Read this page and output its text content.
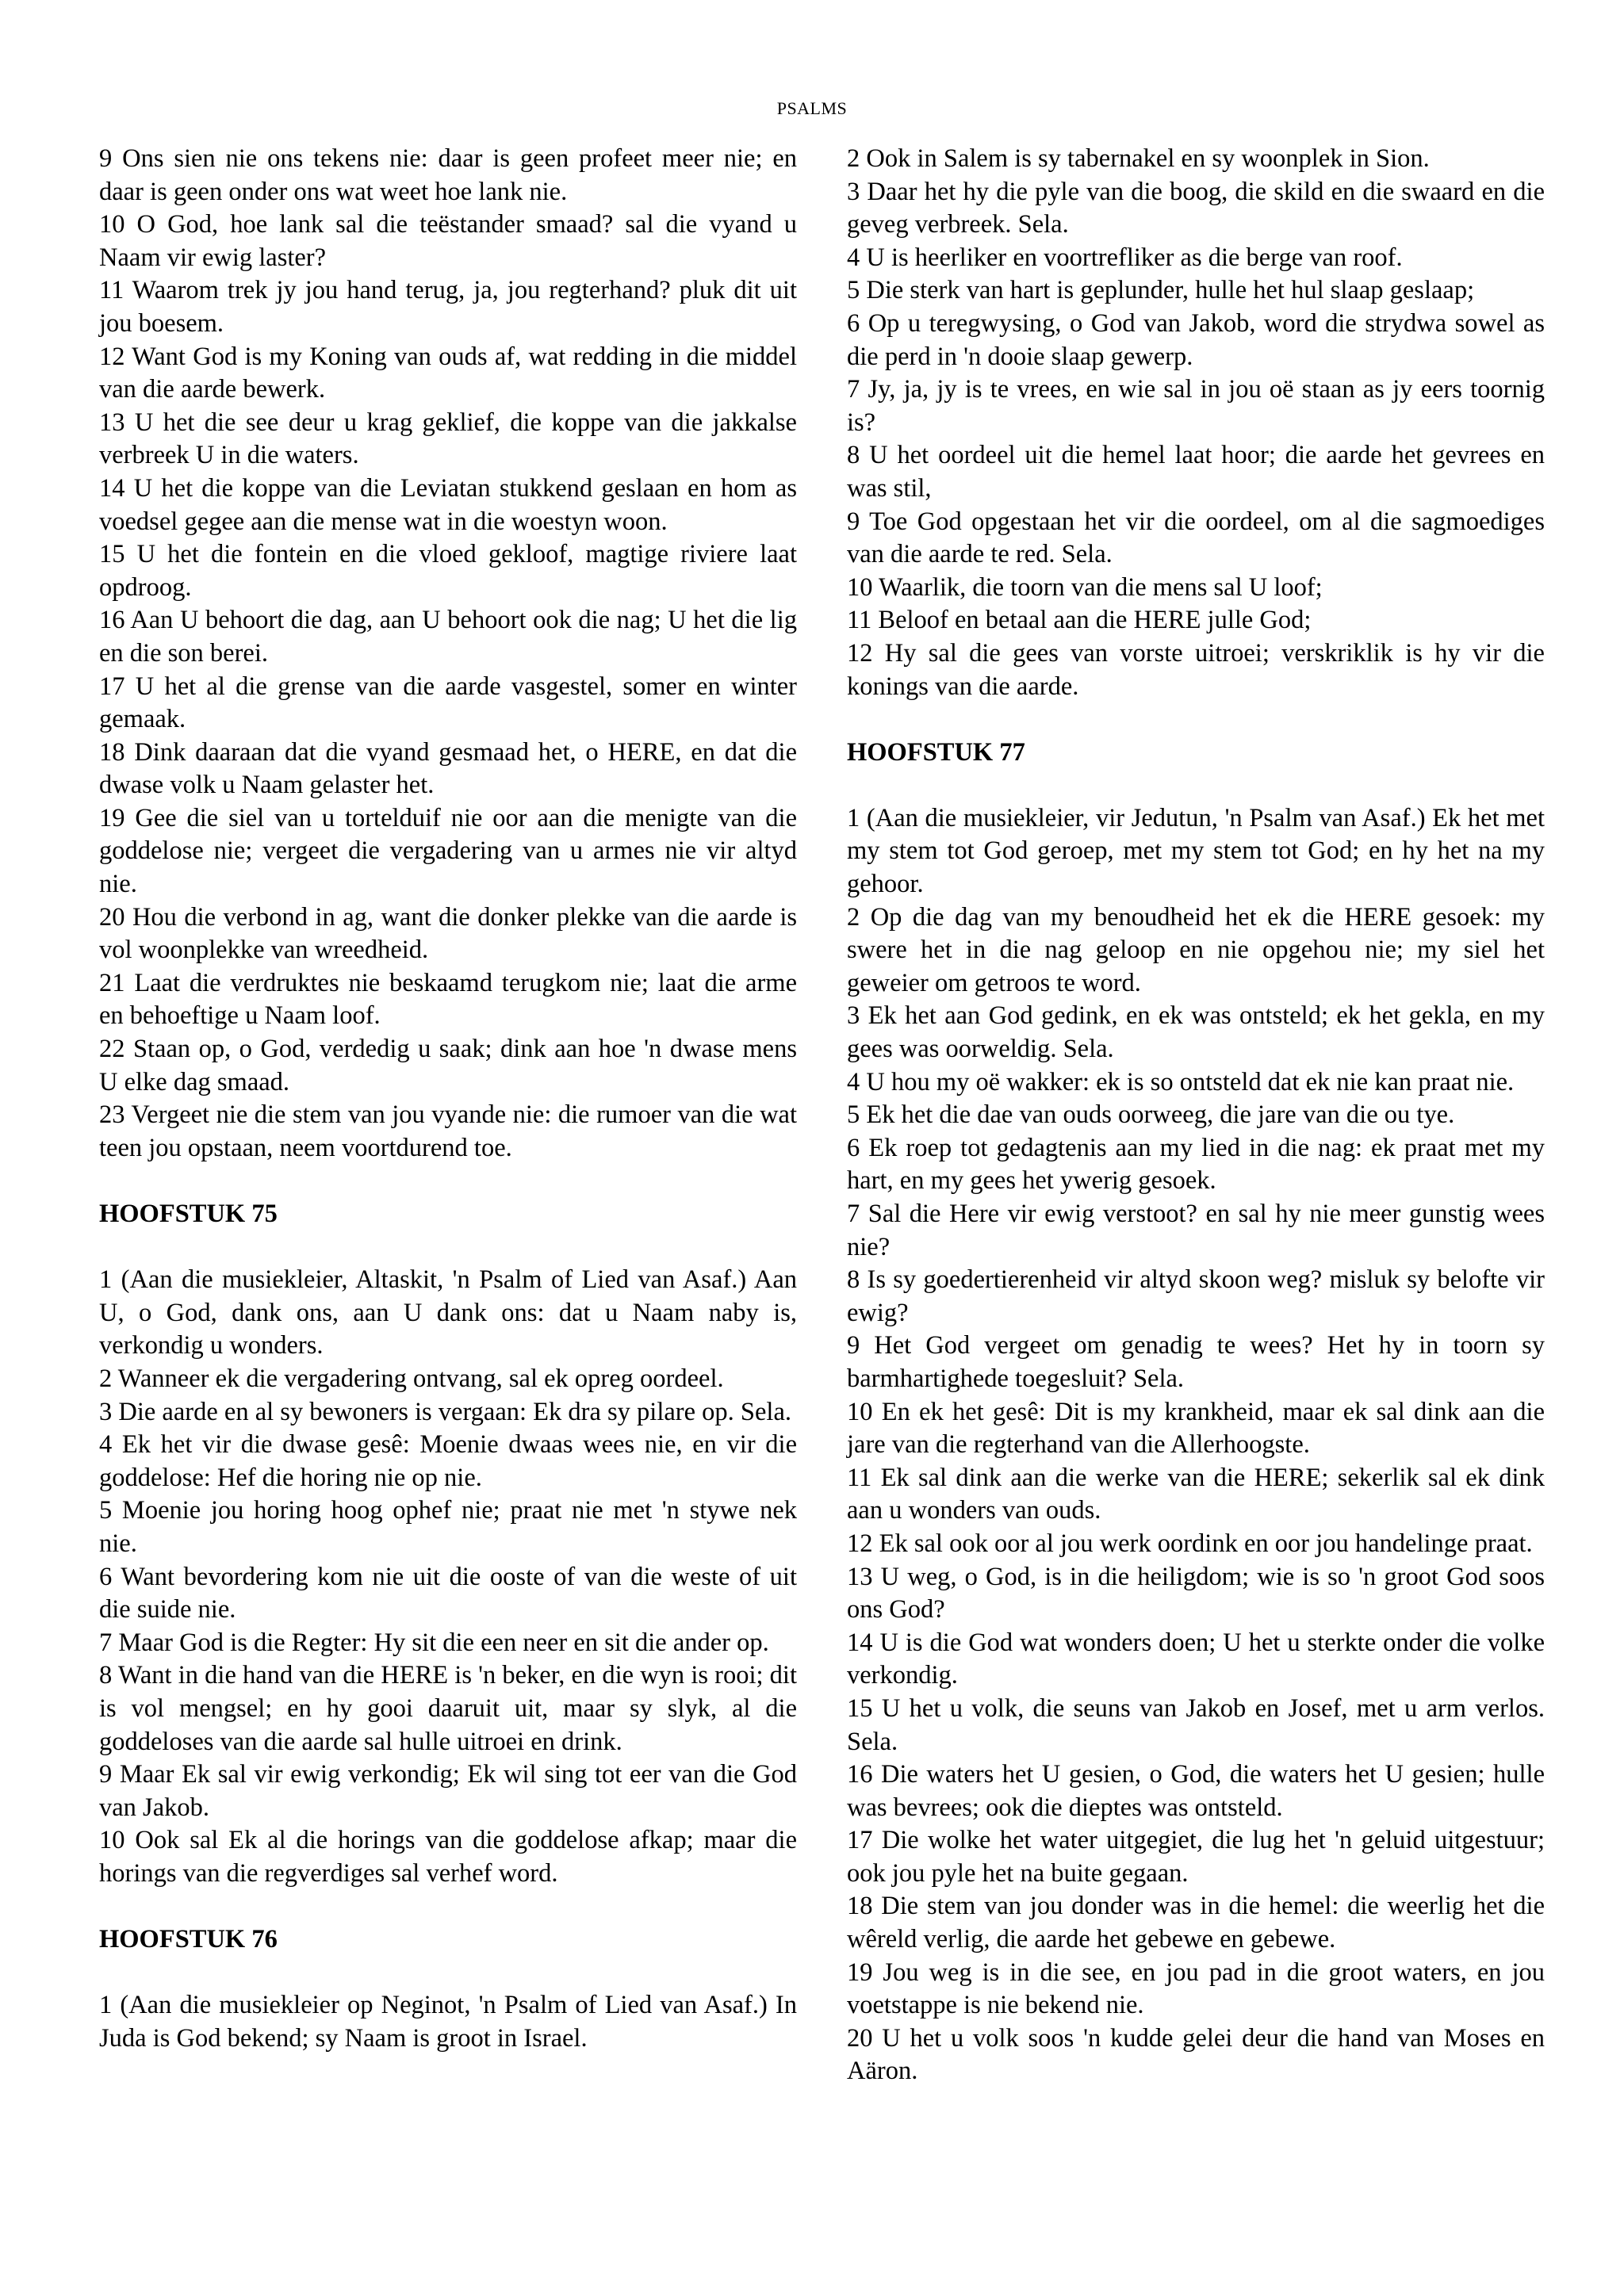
PSALMS

9 Ons sien nie ons tekens nie: daar is geen profeet meer nie; en daar is geen onder ons wat weet hoe lank nie.

10 O God, hoe lank sal die teëstander smaad? sal die vyand u Naam vir ewig laster?

11 Waarom trek jy jou hand terug, ja, jou regterhand? pluk dit uit jou boesem.

12 Want God is my Koning van ouds af, wat redding in die middel van die aarde bewerk.

13 U het die see deur u krag geklief, die koppe van die jakkalse verbreek U in die waters.

14 U het die koppe van die Leviatan stukkend geslaan en hom as voedsel gegee aan die mense wat in die woestyn woon.

15 U het die fontein en die vloed gekloof, magtige riviere laat opdroog.

16 Aan U behoort die dag, aan U behoort ook die nag; U het die lig en die son berei.

17 U het al die grense van die aarde vasgestel, somer en winter gemaak.

18 Dink daaraan dat die vyand gesmaad het, o HERE, en dat die dwase volk u Naam gelaster het.

19 Gee die siel van u tortelduif nie oor aan die menigte van die goddelose nie; vergeet die vergadering van u armes nie vir altyd nie.

20 Hou die verbond in ag, want die donker plekke van die aarde is vol woonplekke van wreedheid.

21 Laat die verdruktes nie beskaamd terugkom nie; laat die arme en behoeftige u Naam loof.

22 Staan op, o God, verdedig u saak; dink aan hoe 'n dwase mens U elke dag smaad.

23 Vergeet nie die stem van jou vyande nie: die rumoer van die wat teen jou opstaan, neem voortdurend toe.

HOOFSTUK 75

1 (Aan die musiekleier, Altaskit, 'n Psalm of Lied van Asaf.) Aan U, o God, dank ons, aan U dank ons: dat u Naam naby is, verkondig u wonders.

2 Wanneer ek die vergadering ontvang, sal ek opreg oordeel.

3 Die aarde en al sy bewoners is vergaan: Ek dra sy pilare op. Sela.

4 Ek het vir die dwase gesê: Moenie dwaas wees nie, en vir die goddelose: Hef die horing nie op nie.

5 Moenie jou horing hoog ophef nie; praat nie met 'n stywe nek nie.

6 Want bevordering kom nie uit die ooste of van die weste of uit die suide nie.

7 Maar God is die Regter: Hy sit die een neer en sit die ander op.

8 Want in die hand van die HERE is 'n beker, en die wyn is rooi; dit is vol mengsel; en hy gooi daaruit uit, maar sy slyk, al die goddeloses van die aarde sal hulle uitroei en drink.

9 Maar Ek sal vir ewig verkondig; Ek wil sing tot eer van die God van Jakob.

10 Ook sal Ek al die horings van die goddelose afkap; maar die horings van die regverdiges sal verhef word.

HOOFSTUK 76

1 (Aan die musiekleier op Neginot, 'n Psalm of Lied van Asaf.) In Juda is God bekend; sy Naam is groot in Israel.

2 Ook in Salem is sy tabernakel en sy woonplek in Sion.

3 Daar het hy die pyle van die boog, die skild en die swaard en die geveg verbreek. Sela.

4 U is heerliker en voortrefliker as die berge van roof.

5 Die sterk van hart is geplunder, hulle het hul slaap geslaap;

6 Op u teregwysing, o God van Jakob, word die strydwa sowel as die perd in 'n dooie slaap gewerp.

7 Jy, ja, jy is te vrees, en wie sal in jou oë staan as jy eers toornig is?

8 U het oordeel uit die hemel laat hoor; die aarde het gevrees en was stil,

9 Toe God opgestaan het vir die oordeel, om al die sagmoediges van die aarde te red. Sela.

10 Waarlik, die toorn van die mens sal U loof;

11 Beloof en betaal aan die HERE julle God;

12 Hy sal die gees van vorste uitroei; verskriklik is hy vir die konings van die aarde.

HOOFSTUK 77

1 (Aan die musiekleier, vir Jedutun, 'n Psalm van Asaf.) Ek het met my stem tot God geroep, met my stem tot God; en hy het na my gehoor.

2 Op die dag van my benoudheid het ek die HERE gesoek: my swere het in die nag geloop en nie opgehou nie; my siel het geweier om getroos te word.

3 Ek het aan God gedink, en ek was ontsteld; ek het gekla, en my gees was oorweldig. Sela.

4 U hou my oë wakker: ek is so ontsteld dat ek nie kan praat nie.

5 Ek het die dae van ouds oorweeg, die jare van die ou tye.

6 Ek roep tot gedagtenis aan my lied in die nag: ek praat met my hart, en my gees het ywerig gesoek.

7 Sal die Here vir ewig verstoot? en sal hy nie meer gunstig wees nie?

8 Is sy goedertierenheid vir altyd skoon weg? misluk sy belofte vir ewig?

9 Het God vergeet om genadig te wees? Het hy in toorn sy barmhartighede toegesluit? Sela.

10 En ek het gesê: Dit is my krankheid, maar ek sal dink aan die jare van die regterhand van die Allerhoogste.

11 Ek sal dink aan die werke van die HERE; sekerlik sal ek dink aan u wonders van ouds.

12 Ek sal ook oor al jou werk oordink en oor jou handelinge praat.

13 U weg, o God, is in die heiligdom; wie is so 'n groot God soos ons God?

14 U is die God wat wonders doen; U het u sterkte onder die volke verkondig.

15 U het u volk, die seuns van Jakob en Josef, met u arm verlos. Sela.

16 Die waters het U gesien, o God, die waters het U gesien; hulle was bevrees; ook die dieptes was ontsteld.

17 Die wolke het water uitgegiet, die lug het 'n geluid uitgestuur; ook jou pyle het na buite gegaan.

18 Die stem van jou donder was in die hemel: die weerlig het die wêreld verlig, die aarde het gebewe en gebewe.

19 Jou weg is in die see, en jou pad in die groot waters, en jou voetstappe is nie bekend nie.

20 U het u volk soos 'n kudde gelei deur die hand van Moses en Aäron.
